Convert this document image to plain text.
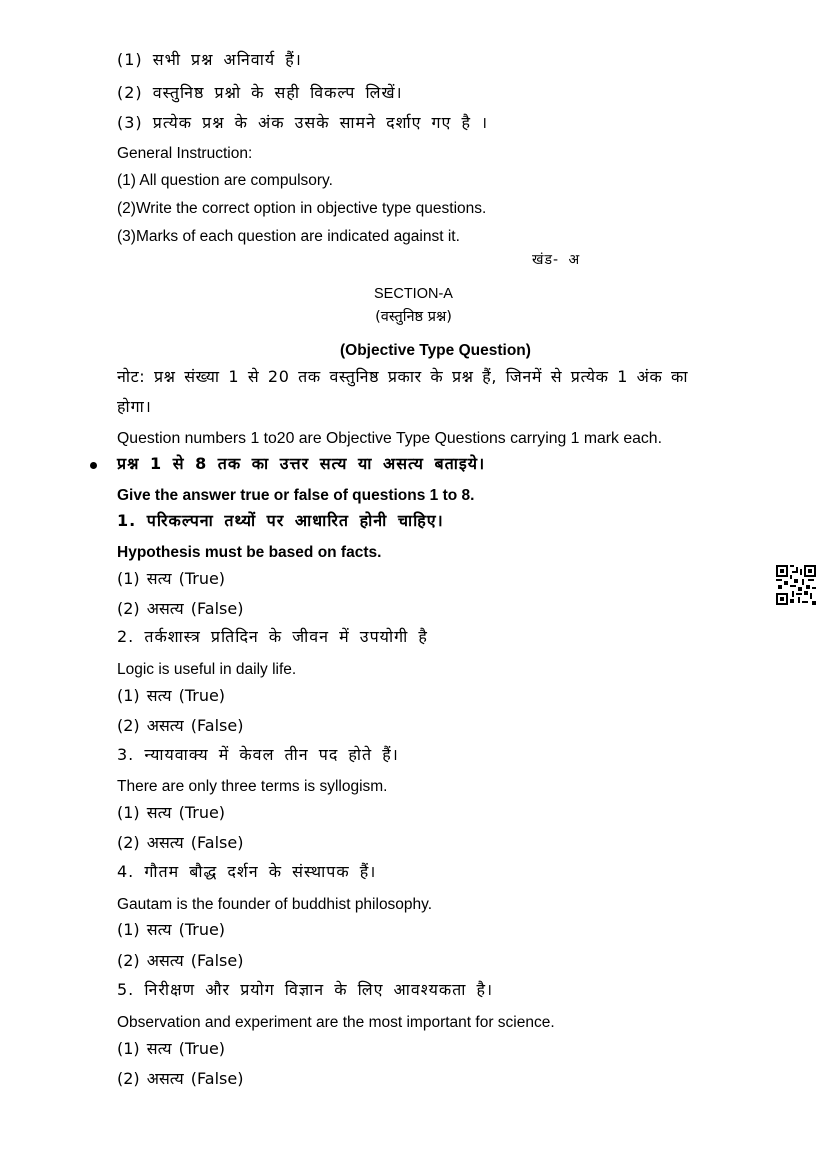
(1) सभी प्रश्न अनिवार्य हैं।
(2) वस्तुनिष्ठ प्रश्नो के सही विकल्प लिखें।
(3) प्रत्येक प्रश्न के अंक उसके सामने दर्शाए गए है ।
General Instruction:
(1) All question are compulsory.
(2)Write the correct option in objective type questions.
(3)Marks of each question are indicated against it.
खंड- अ
SECTION-A
(वस्तुनिष्ठ प्रश्न)
(Objective Type Question)
नोट: प्रश्न संख्या 1 से 20 तक वस्तुनिष्ठ प्रकार के प्रश्न हैं, जिनमें से प्रत्येक 1 अंक का
होगा।
Question numbers 1 to20 are Objective Type Questions carrying 1 mark each.
प्रश्न 1 से 8 तक का उत्तर सत्य या असत्य बताइये।
Give the answer true or false of questions 1 to 8.
1. परिकल्पना तथ्यों पर आधारित होनी चाहिए।
Hypothesis must be based on facts.
(1) सत्य (True)
(2) असत्य (False)
2. तर्कशास्त्र प्रतिदिन के जीवन में उपयोगी है
Logic is useful in daily life.
(1) सत्य (True)
(2) असत्य (False)
3. न्यायवाक्य में केवल तीन पद होते हैं।
There are only three terms is syllogism.
(1) सत्य (True)
(2) असत्य (False)
4. गौतम बौद्ध दर्शन के संस्थापक हैं।
Gautam is the founder of buddhist philosophy.
(1) सत्य (True)
(2) असत्य (False)
5. निरीक्षण और प्रयोग विज्ञान के लिए आवश्यकता है।
Observation and experiment are the most important for science.
(1) सत्य (True)
(2) असत्य (False)
